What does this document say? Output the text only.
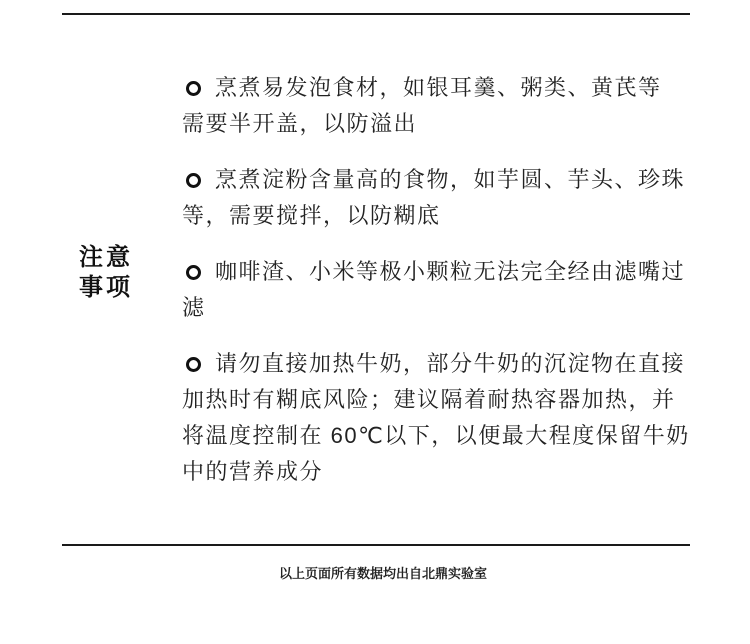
注意
事项
烹煮易发泡食材，如银耳羹、粥类、黄芪等
需要半开盖，以防溢出
烹煮淀粉含量高的食物，如芋圆、芋头、珍珠
等，需要搅拌，以防糊底
咖啡渣、小米等极小颗粒无法完全经由滤嘴过
滤
请勿直接加热牛奶，部分牛奶的沉淀物在直接
加热时有糊底风险；建议隔着耐热容器加热，并
将温度控制在 60℃以下，以便最大程度保留牛奶
中的营养成分
以上页面所有数据均出自北鼎实验室
